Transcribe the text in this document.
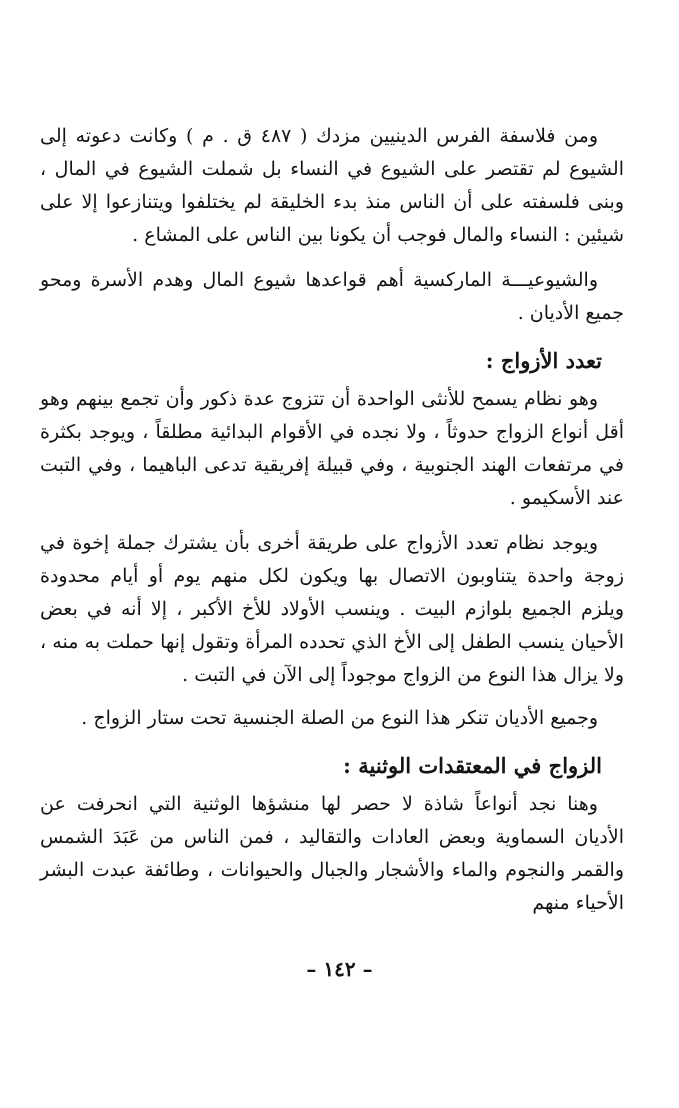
ومن فلاسفة الفرس الدينيين مزدك ( ٤٨٧ ق . م ) وكانت دعوته إلى الشيوع لم تقتصر على الشيوع في النساء بل شملت الشيوع في المال ، وبنى فلسفته على أن الناس منذ بدء الخليقة لم يختلفوا ويتنازعوا إلا على شيئين : النساء والمال فوجب أن يكونا بين الناس على المشاع .

والشيوعيـــة الماركسية أهم قواعدها شيوع المال وهدم الأسرة ومحو جميع الأديان .

تعدد الأزواج :

وهو نظام يسمح للأنثى الواحدة أن تتزوج عدة ذكور وأن تجمع بينهم وهو أقل أنواع الزواج حدوثاً ، ولا نجده في الأقوام البدائية مطلقاً ، ويوجد بكثرة في مرتفعات الهند الجنوبية ، وفي قبيلة إفريقية تدعى الباهيما ، وفي التبت عند الأسكيمو .

ويوجد نظام تعدد الأزواج على طريقة أخرى بأن يشترك جملة إخوة في زوجة واحدة يتناوبون الاتصال بها ويكون لكل منهم يوم أو أيام محدودة ويلزم الجميع بلوازم البيت . وينسب الأولاد للأخ الأكبر ، إلا أنه في بعض الأحيان ينسب الطفل إلى الأخ الذي تحدده المرأة وتقول إنها حملت به منه ، ولا يزال هذا النوع من الزواج موجوداً إلى الآن في التبت .

وجميع الأديان تنكر هذا النوع من الصلة الجنسية تحت ستار الزواج .

الزواج في المعتقدات الوثنية :

وهنا نجد أنواعاً شاذة لا حصر لها منشؤها الوثنية التي انحرفت عن الأديان السماوية وبعض العادات والتقاليد ، فمن الناس من عَبَدَ الشمس والقمر والنجوم والماء والأشجار والجبال والحيوانات ، وطائفة عبدت البشر الأحياء منهم

– ١٤٢ –
